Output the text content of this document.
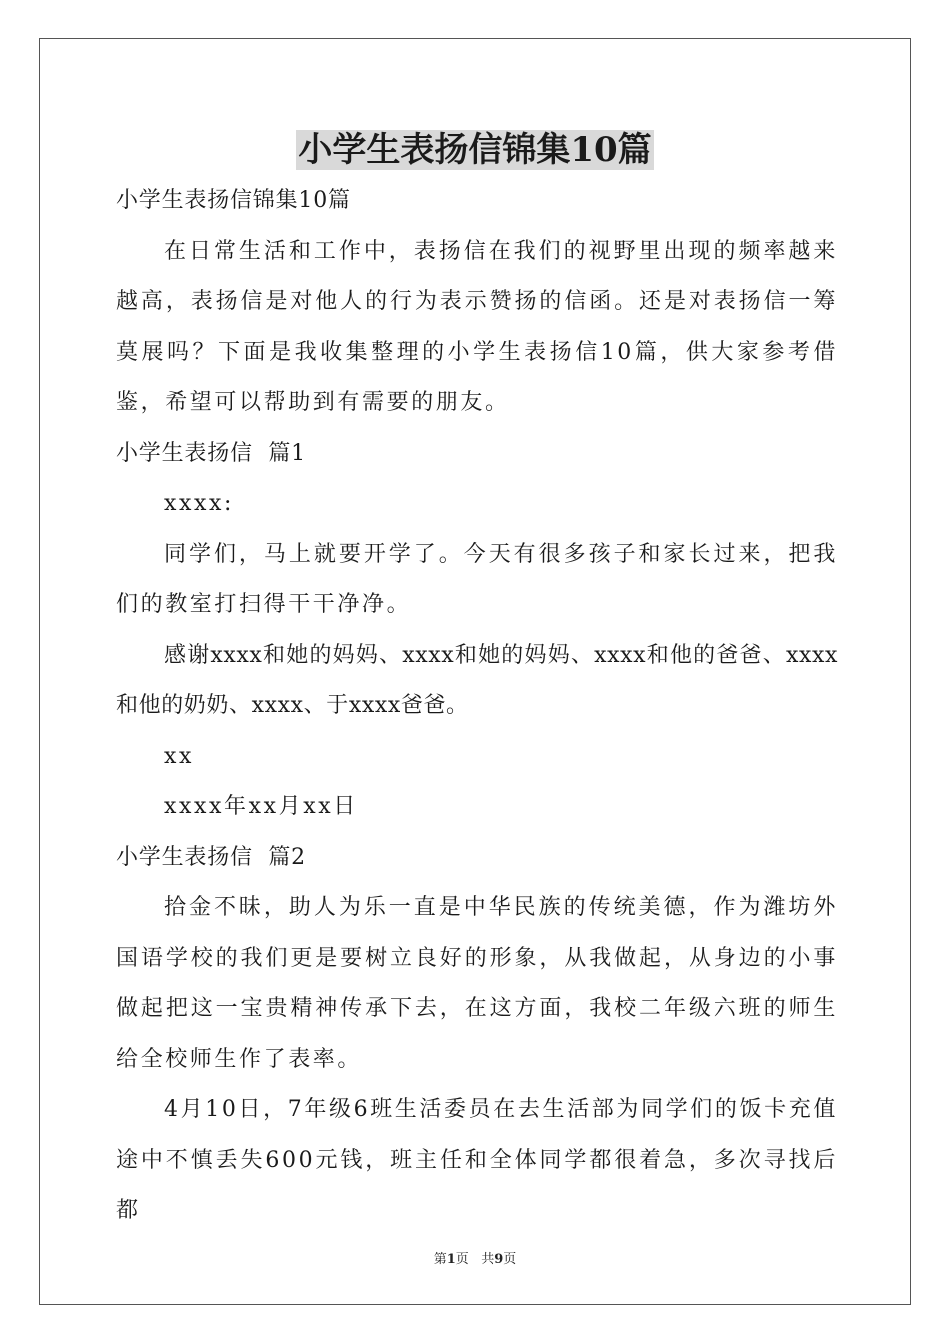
小学生表扬信锦集10篇

小学生表扬信锦集10篇

在日常生活和工作中，表扬信在我们的视野里出现的频率越来越高，表扬信是对他人的行为表示赞扬的信函。还是对表扬信一筹莫展吗？下面是我收集整理的小学生表扬信10篇，供大家参考借鉴，希望可以帮助到有需要的朋友。

小学生表扬信  篇1

xxxx:

同学们，马上就要开学了。今天有很多孩子和家长过来，把我们的教室打扫得干干净净。

感谢xxxx和她的妈妈、xxxx和她的妈妈、xxxx和他的爸爸、xxxx和他的奶奶、xxxx、于xxxx爸爸。

xx

xxxx年xx月xx日

小学生表扬信  篇2

拾金不昧，助人为乐一直是中华民族的传统美德，作为潍坊外国语学校的我们更是要树立良好的形象，从我做起，从身边的小事做起把这一宝贵精神传承下去，在这方面，我校二年级六班的师生给全校师生作了表率。

4月10日，7年级6班生活委员在去生活部为同学们的饭卡充值途中不慎丢失600元钱，班主任和全体同学都很着急，多次寻找后都

第1页 共9页
